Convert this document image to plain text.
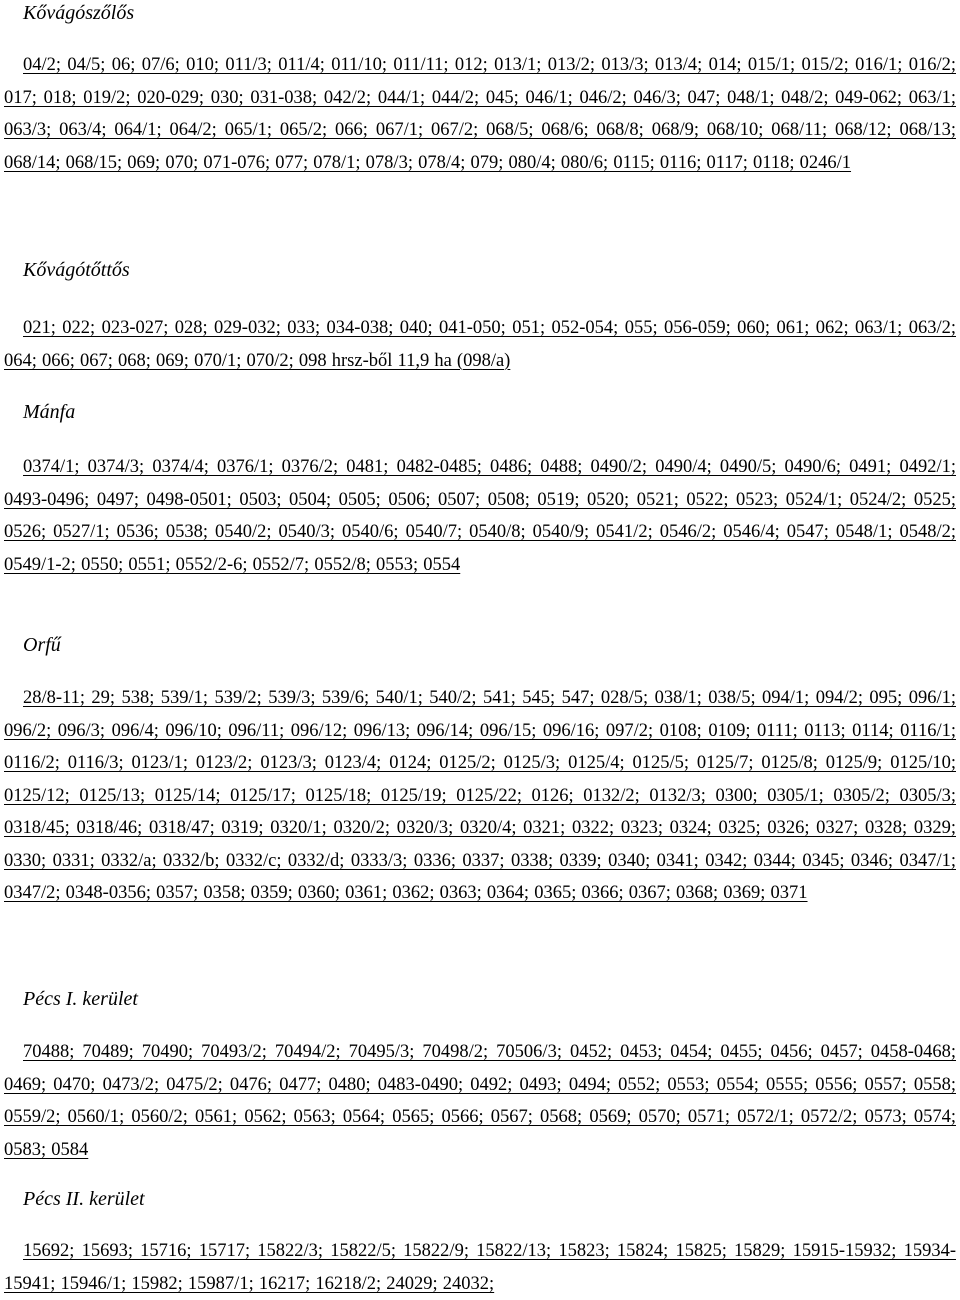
Kővágószőlős

04/2; 04/5; 06; 07/6; 010; 011/3; 011/4; 011/10; 011/11; 012; 013/1; 013/2; 013/3; 013/4; 014; 015/1; 015/2; 016/1; 016/2; 017; 018; 019/2; 020-029; 030; 031-038; 042/2; 044/1; 044/2; 045; 046/1; 046/2; 046/3; 047; 048/1; 048/2; 049-062; 063/1; 063/3; 063/4; 064/1; 064/2; 065/1; 065/2; 066; 067/1; 067/2; 068/5; 068/6; 068/8; 068/9; 068/10; 068/11; 068/12; 068/13; 068/14; 068/15; 069; 070; 071-076; 077; 078/1; 078/3; 078/4; 079; 080/4; 080/6; 0115; 0116; 0117; 0118; 0246/1

Kővágótőttős

021; 022; 023-027; 028; 029-032; 033; 034-038; 040; 041-050; 051; 052-054; 055; 056-059; 060; 061; 062; 063/1; 063/2; 064; 066; 067; 068; 069; 070/1; 070/2; 098 hrsz-ből 11,9 ha (098/a)

Mánfa

0374/1; 0374/3; 0374/4; 0376/1; 0376/2; 0481; 0482-0485; 0486; 0488; 0490/2; 0490/4; 0490/5; 0490/6; 0491; 0492/1; 0493-0496; 0497; 0498-0501; 0503; 0504; 0505; 0506; 0507; 0508; 0519; 0520; 0521; 0522; 0523; 0524/1; 0524/2; 0525; 0526; 0527/1; 0536; 0538; 0540/2; 0540/3; 0540/6; 0540/7; 0540/8; 0540/9; 0541/2; 0546/2; 0546/4; 0547; 0548/1; 0548/2; 0549/1-2; 0550; 0551; 0552/2-6; 0552/7; 0552/8; 0553; 0554

Orfű

28/8-11; 29; 538; 539/1; 539/2; 539/3; 539/6; 540/1; 540/2; 541; 545; 547; 028/5; 038/1; 038/5; 094/1; 094/2; 095; 096/1; 096/2; 096/3; 096/4; 096/10; 096/11; 096/12; 096/13; 096/14; 096/15; 096/16; 097/2; 0108; 0109; 0111; 0113; 0114; 0116/1; 0116/2; 0116/3; 0123/1; 0123/2; 0123/3; 0123/4; 0124; 0125/2; 0125/3; 0125/4; 0125/5; 0125/7; 0125/8; 0125/9; 0125/10; 0125/12; 0125/13; 0125/14; 0125/17; 0125/18; 0125/19; 0125/22; 0126; 0132/2; 0132/3; 0300; 0305/1; 0305/2; 0305/3; 0318/45; 0318/46; 0318/47; 0319; 0320/1; 0320/2; 0320/3; 0320/4; 0321; 0322; 0323; 0324; 0325; 0326; 0327; 0328; 0329; 0330; 0331; 0332/a; 0332/b; 0332/c; 0332/d; 0333/3; 0336; 0337; 0338; 0339; 0340; 0341; 0342; 0344; 0345; 0346; 0347/1; 0347/2; 0348-0356; 0357; 0358; 0359; 0360; 0361; 0362; 0363; 0364; 0365; 0366; 0367; 0368; 0369; 0371

Pécs I. kerület

70488; 70489; 70490; 70493/2; 70494/2; 70495/3; 70498/2; 70506/3; 0452; 0453; 0454; 0455; 0456; 0457; 0458-0468; 0469; 0470; 0473/2; 0475/2; 0476; 0477; 0480; 0483-0490; 0492; 0493; 0494; 0552; 0553; 0554; 0555; 0556; 0557; 0558; 0559/2; 0560/1; 0560/2; 0561; 0562; 0563; 0564; 0565; 0566; 0567; 0568; 0569; 0570; 0571; 0572/1; 0572/2; 0573; 0574; 0583; 0584

Pécs II. kerület

15692; 15693; 15716; 15717; 15822/3; 15822/5; 15822/9; 15822/13; 15823; 15824; 15825; 15829; 15915-15932; 15934-15941; 15946/1; 15982; 15987/1; 16217; 16218/2; 24029; 24032;
